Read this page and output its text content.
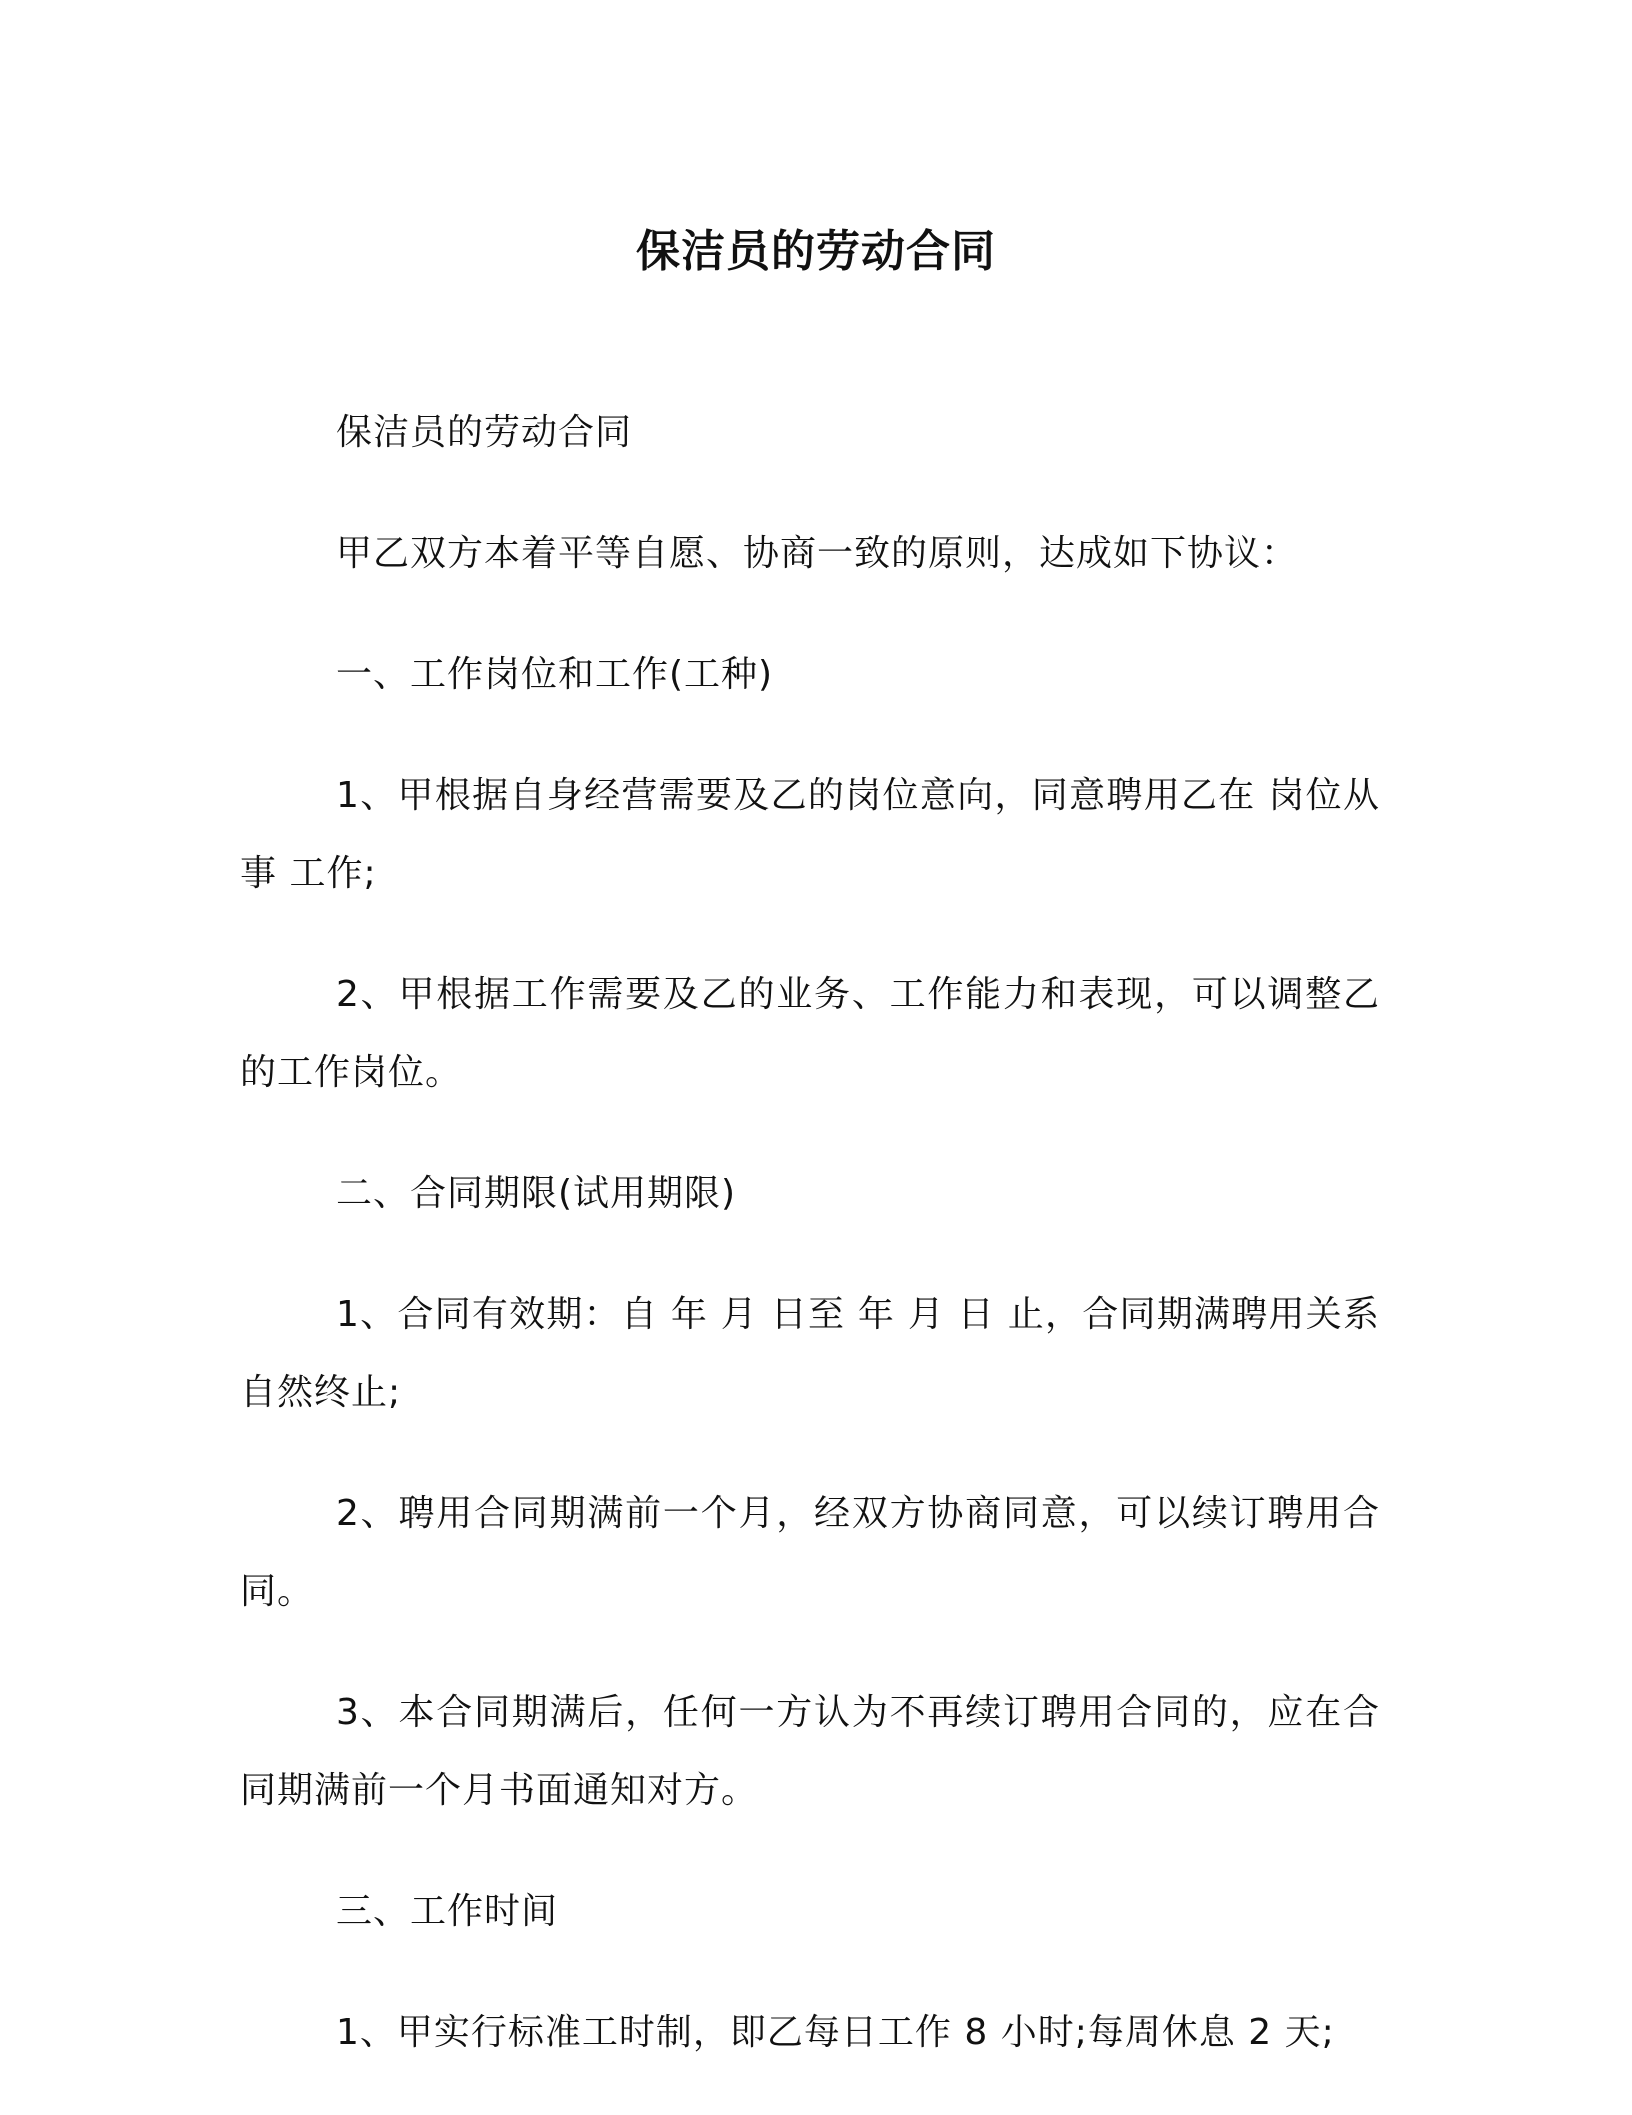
保洁员的劳动合同

保洁员的劳动合同

甲乙双方本着平等自愿、协商一致的原则，达成如下协议：

一、工作岗位和工作(工种)

1、甲根据自身经营需要及乙的岗位意向，同意聘用乙在 岗位从事 工作;

2、甲根据工作需要及乙的业务、工作能力和表现，可以调整乙的工作岗位。

二、合同期限(试用期限)

1、合同有效期：自 年 月 日至 年 月 日 止，合同期满聘用关系自然终止;

2、聘用合同期满前一个月，经双方协商同意，可以续订聘用合同。

3、本合同期满后，任何一方认为不再续订聘用合同的，应在合同期满前一个月书面通知对方。

三、工作时间

1、甲实行标准工时制，即乙每日工作 8 小时;每周休息 2 天;
